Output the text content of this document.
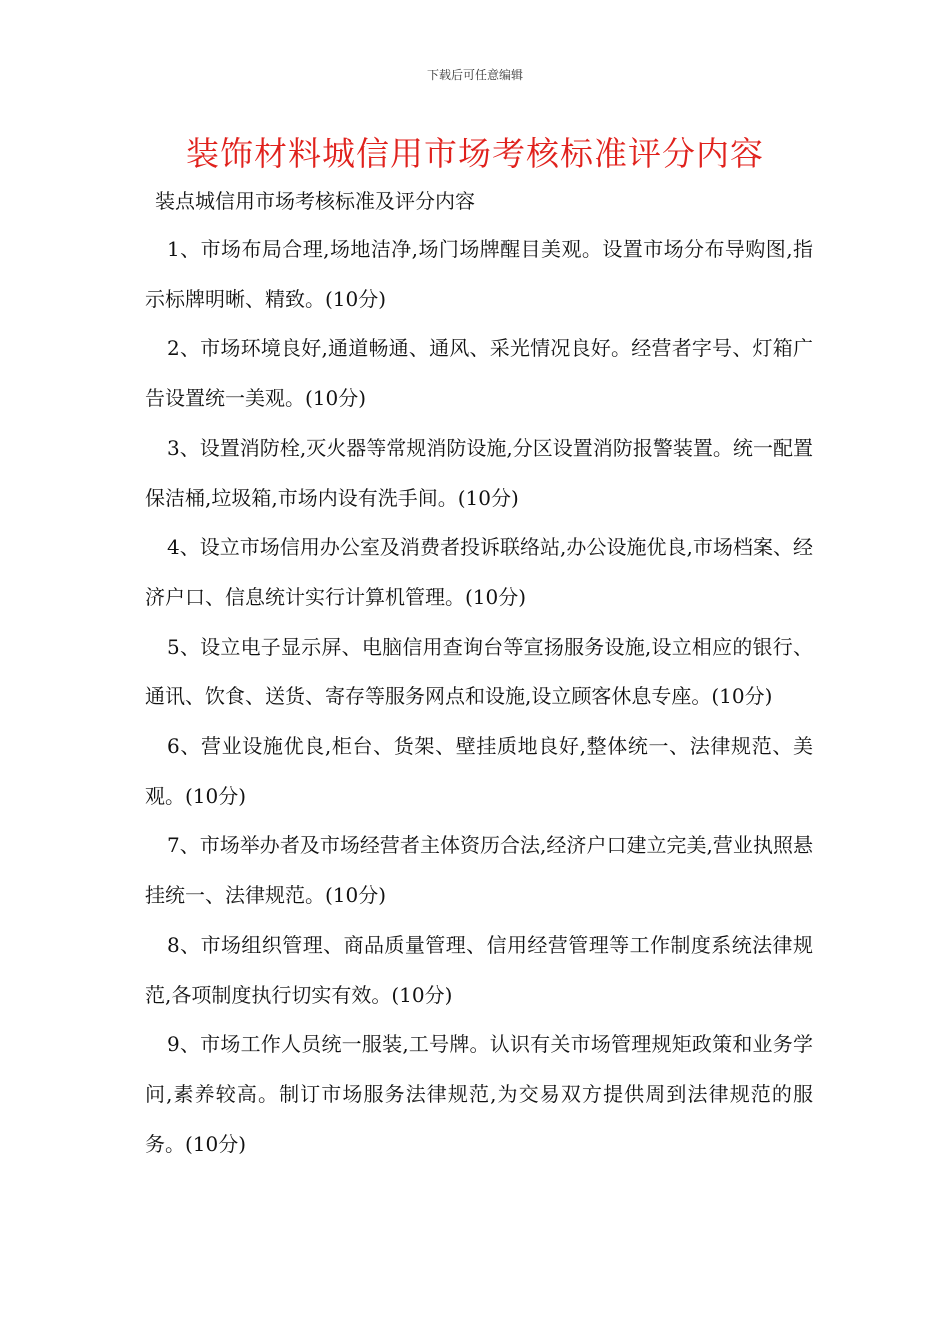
下载后可任意编辑
装饰材料城信用市场考核标准评分内容
装点城信用市场考核标准及评分内容
1、市场布局合理,场地洁净,场门场牌醒目美观。设置市场分布导购图,指示标牌明晰、精致。(10分)
2、市场环境良好,通道畅通、通风、采光情况良好。经营者字号、灯箱广告设置统一美观。(10分)
3、设置消防栓,灭火器等常规消防设施,分区设置消防报警装置。统一配置保洁桶,垃圾箱,市场内设有洗手间。(10分)
4、设立市场信用办公室及消费者投诉联络站,办公设施优良,市场档案、经济户口、信息统计实行计算机管理。(10分)
5、设立电子显示屏、电脑信用查询台等宣扬服务设施,设立相应的银行、通讯、饮食、送货、寄存等服务网点和设施,设立顾客休息专座。(10分)
6、营业设施优良,柜台、货架、壁挂质地良好,整体统一、法律规范、美观。(10分)
7、市场举办者及市场经营者主体资历合法,经济户口建立完美,营业执照悬挂统一、法律规范。(10分)
8、市场组织管理、商品质量管理、信用经营管理等工作制度系统法律规范,各项制度执行切实有效。(10分)
9、市场工作人员统一服装,工号牌。认识有关市场管理规矩政策和业务学问,素养较高。制订市场服务法律规范,为交易双方提供周到法律规范的服务。(10分)
